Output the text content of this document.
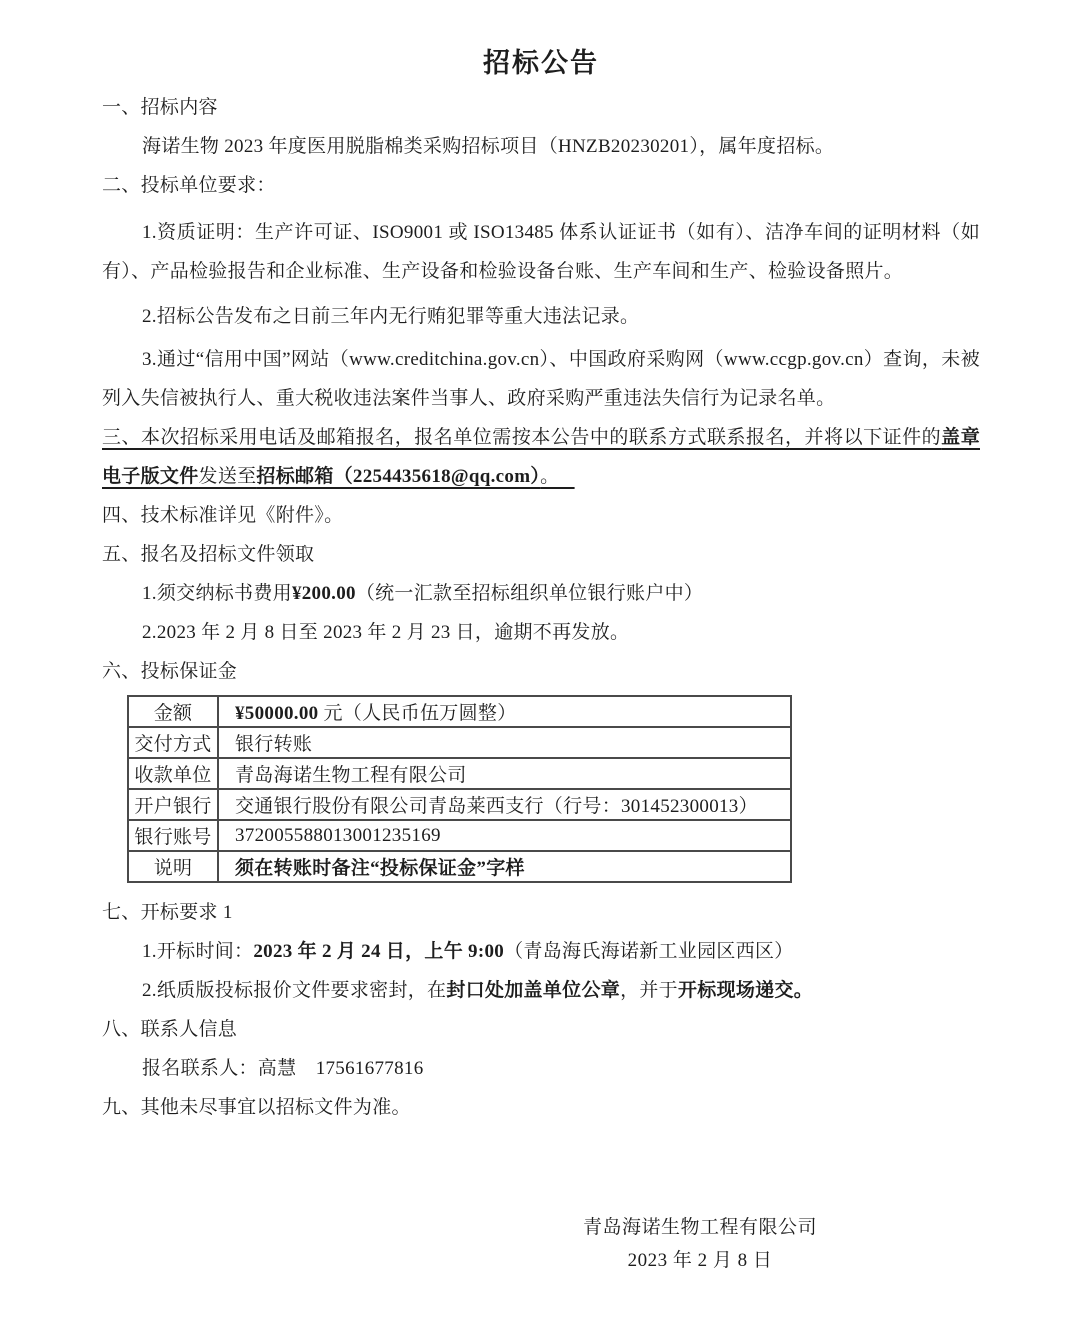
招标公告
一、招标内容
海诺生物 2023 年度医用脱脂棉类采购招标项目（HNZB20230201），属年度招标。
二、投标单位要求：
1.资质证明：生产许可证、ISO9001 或 ISO13485 体系认证证书（如有）、洁净车间的证明材料（如有）、产品检验报告和企业标准、生产设备和检验设备台账、生产车间和生产、检验设备照片。
2.招标公告发布之日前三年内无行贿犯罪等重大违法记录。
3.通过“信用中国”网站（www.creditchina.gov.cn）、中国政府采购网（www.ccgp.gov.cn）查询，未被列入失信被执行人、重大税收违法案件当事人、政府采购严重违法失信行为记录名单。
三、本次招标采用电话及邮箱报名，报名单位需按本公告中的联系方式联系报名，并将以下证件的盖章电子版文件发送至招标邮箱（2254435618@qq.com）。
四、技术标准详见《附件》。
五、报名及招标文件领取
1.须交纳标书费用¥200.00（统一汇款至招标组织单位银行账户中）
2.2023 年 2 月 8 日至 2023 年 2 月 23 日，逾期不再发放。
六、投标保证金
金额	¥50000.00 元（人民币伍万圆整）
交付方式	银行转账
收款单位	青岛海诺生物工程有限公司
开户银行	交通银行股份有限公司青岛莱西支行（行号：301452300013）
银行账号	372005588013001235169
说明	须在转账时备注“投标保证金”字样
七、开标要求 1
1.开标时间：2023 年 2 月 24 日，上午 9:00（青岛海氏海诺新工业园区西区）
2.纸质版投标报价文件要求密封，在封口处加盖单位公章，并于开标现场递交。
八、联系人信息
报名联系人：高慧　17561677816
九、其他未尽事宜以招标文件为准。
青岛海诺生物工程有限公司
2023 年 2 月 8 日
